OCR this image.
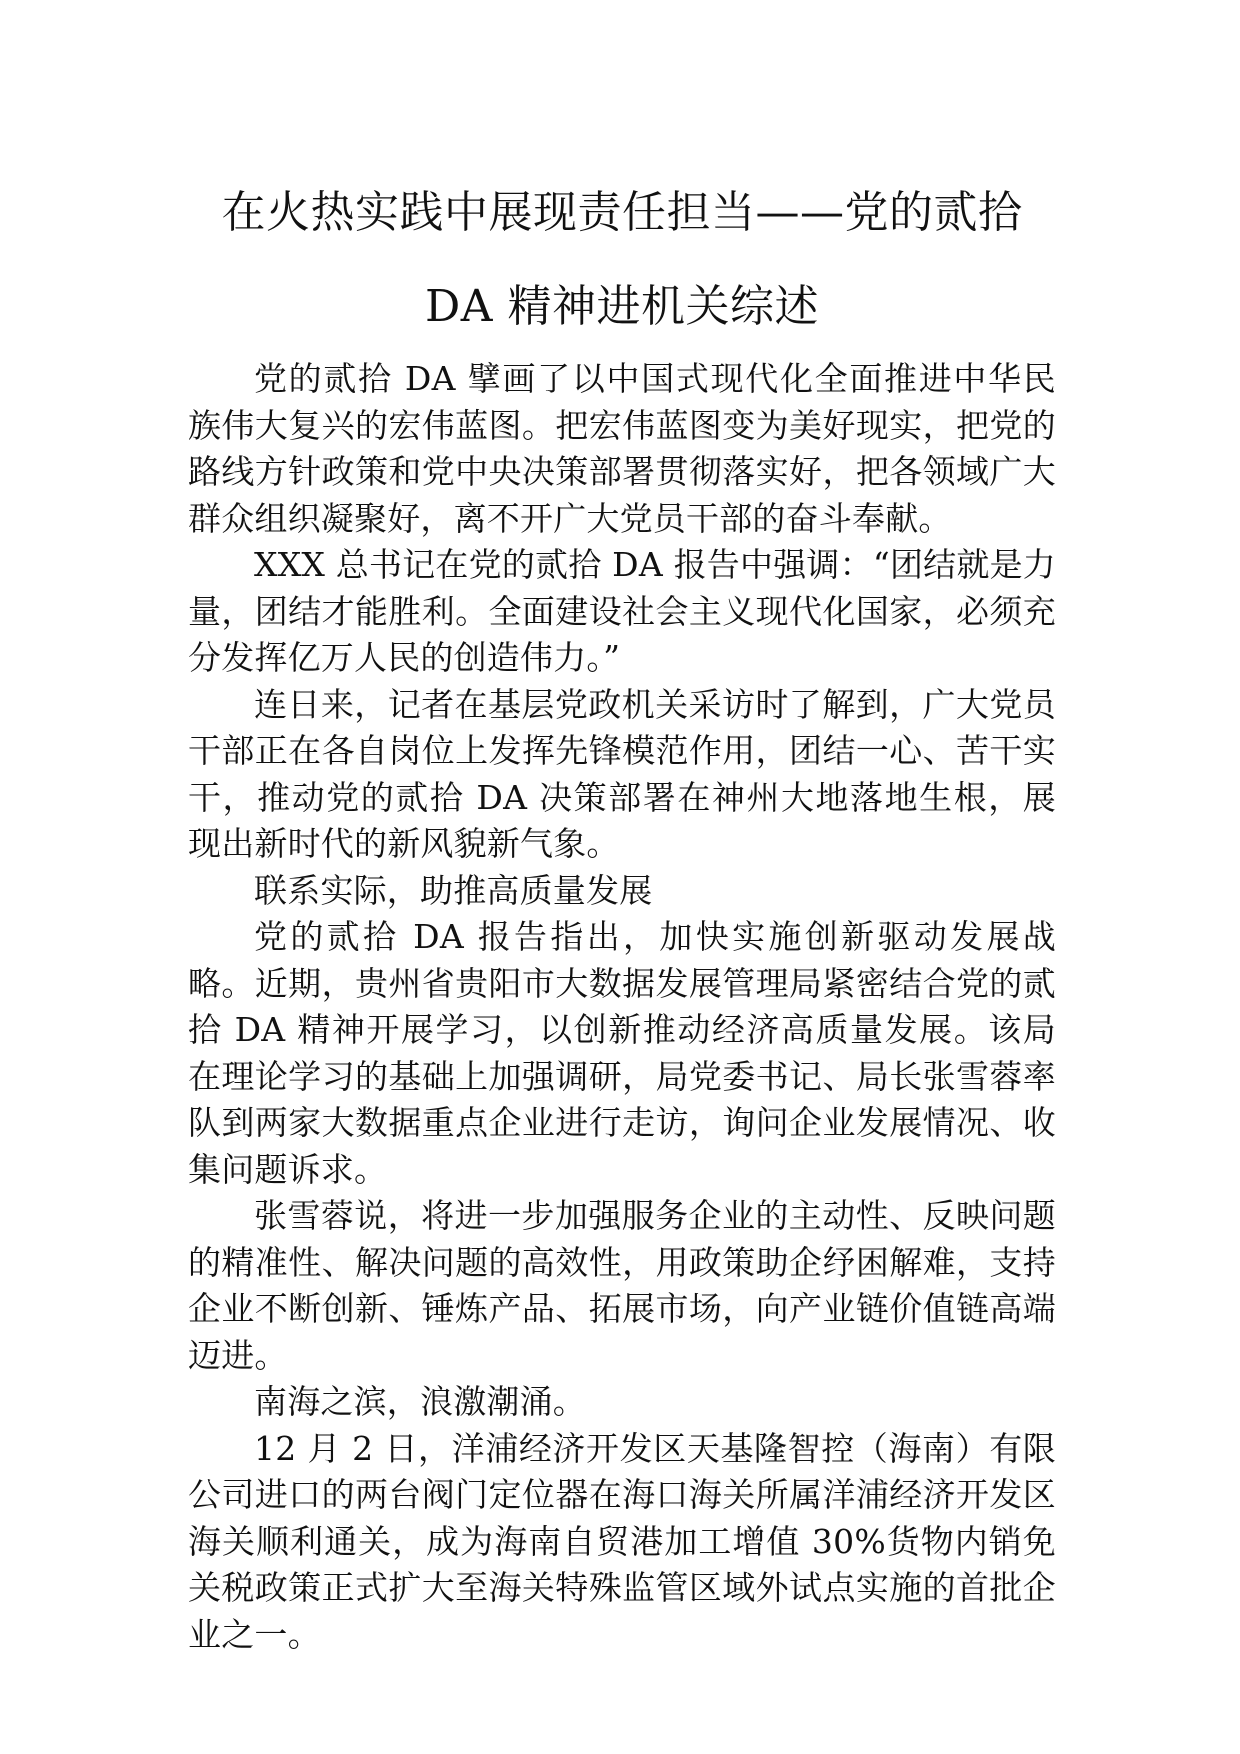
在火热实践中展现责任担当——党的贰拾
DA 精神进机关综述

党的贰拾 DA 擘画了以中国式现代化全面推进中华民族伟大复兴的宏伟蓝图。把宏伟蓝图变为美好现实，把党的路线方针政策和党中央决策部署贯彻落实好，把各领域广大群众组织凝聚好，离不开广大党员干部的奋斗奉献。

XXX 总书记在党的贰拾 DA 报告中强调：“团结就是力量，团结才能胜利。全面建设社会主义现代化国家，必须充分发挥亿万人民的创造伟力。”

连日来，记者在基层党政机关采访时了解到，广大党员干部正在各自岗位上发挥先锋模范作用，团结一心、苦干实干，推动党的贰拾 DA 决策部署在神州大地落地生根，展现出新时代的新风貌新气象。

联系实际，助推高质量发展

党的贰拾 DA 报告指出，加快实施创新驱动发展战略。近期，贵州省贵阳市大数据发展管理局紧密结合党的贰拾 DA 精神开展学习，以创新推动经济高质量发展。该局在理论学习的基础上加强调研，局党委书记、局长张雪蓉率队到两家大数据重点企业进行走访，询问企业发展情况、收集问题诉求。

张雪蓉说，将进一步加强服务企业的主动性、反映问题的精准性、解决问题的高效性，用政策助企纾困解难，支持企业不断创新、锤炼产品、拓展市场，向产业链价值链高端迈进。

南海之滨，浪激潮涌。

12 月 2 日，洋浦经济开发区天基隆智控（海南）有限公司进口的两台阀门定位器在海口海关所属洋浦经济开发区海关顺利通关，成为海南自贸港加工增值 30%货物内销免关税政策正式扩大至海关特殊监管区域外试点实施的首批企业之一。
